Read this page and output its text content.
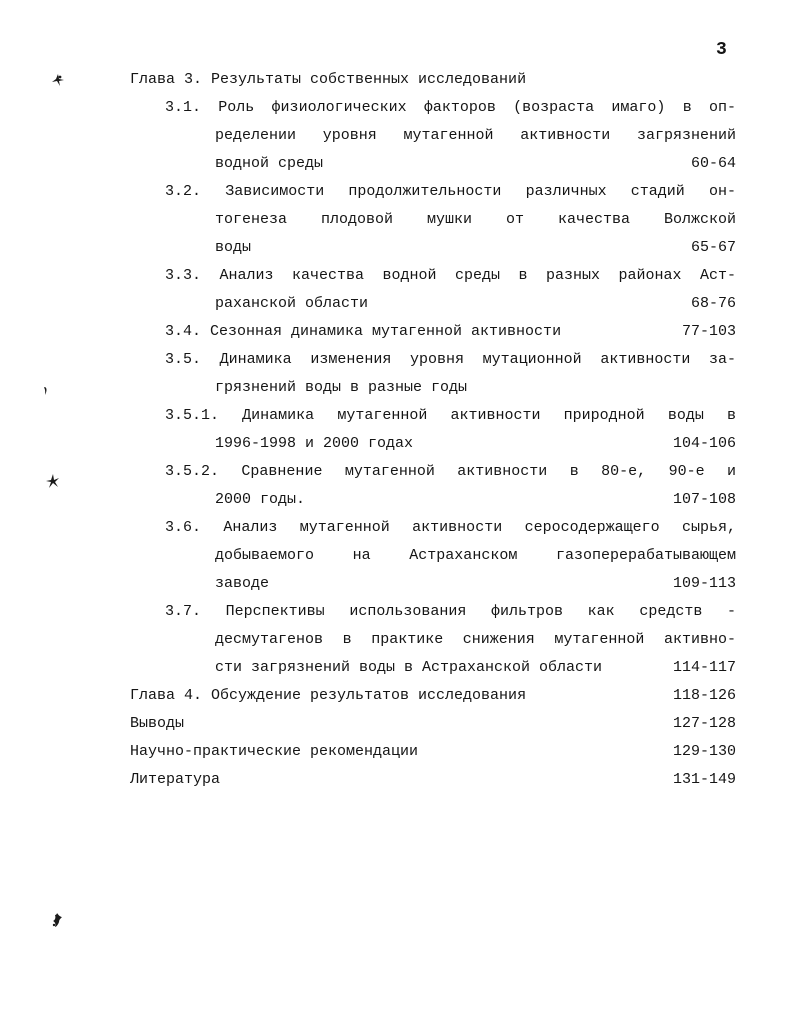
3
Глава 3. Результаты собственных исследований
3.1. Роль физиологических факторов (возраста имаго) в оп-
ределении уровня мутагенной активности загрязнений
водной среды	60-64
3.2. Зависимости продолжительности различных стадий он-
тогенеза плодовой мушки от качества Волжской
воды	65-67
3.3. Анализ качества водной среды в разных районах Аст-
раханской области	68-76
3.4. Сезонная динамика мутагенной активности	77-103
3.5. Динамика изменения уровня мутационной активности за-
грязнений воды в разные годы
3.5.1. Динамика мутагенной активности природной воды в
1996-1998 и 2000 годах	104-106
3.5.2. Сравнение мутагенной активности в 80-е, 90-е и
2000 годы.	107-108
3.6. Анализ мутагенной активности серосодержащего сырья,
добываемого на Астраханском газоперерабатывающем
заводе	109-113
3.7. Перспективы использования фильтров как средств -
десмутагенов в практике снижения мутагенной активно-
сти загрязнений воды в Астраханской области	114-117
Глава 4. Обсуждение результатов исследования	118-126
Выводы	127-128
Научно-практические рекомендации	129-130
Литература	131-149
